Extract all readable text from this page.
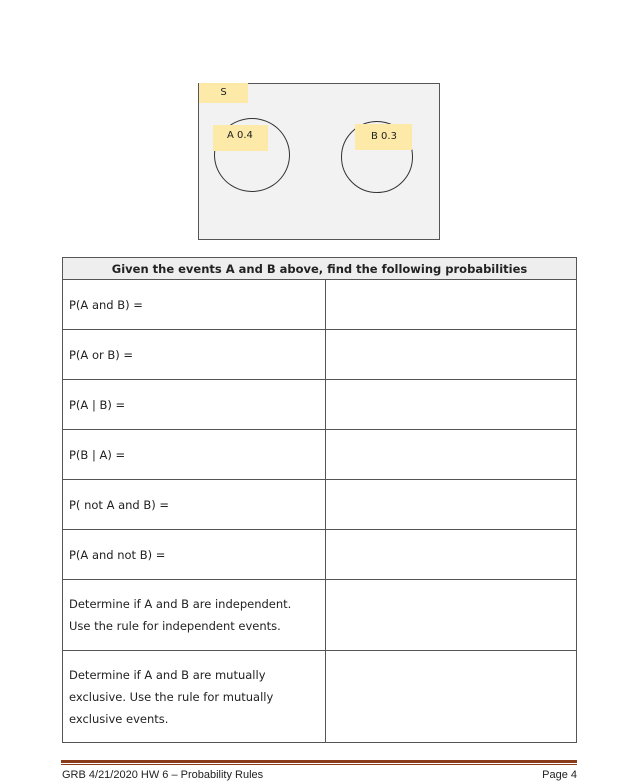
S
A 0.4	B 0.3
Given the events A and B above, find the following probabilities	
P(A and B) =	
P(A or B) =	
P(A | B) =	
P(B | A) =	
P( not A and B) =	
P(A and not B) =	

Determine if A and B are independent.

Use the rule for independent events.	

Determine if A and B are mutually

exclusive. Use the rule for mutually

exclusive events.	

GRB 4/21/2020 HW 6 – Probability Rules	Page 4
